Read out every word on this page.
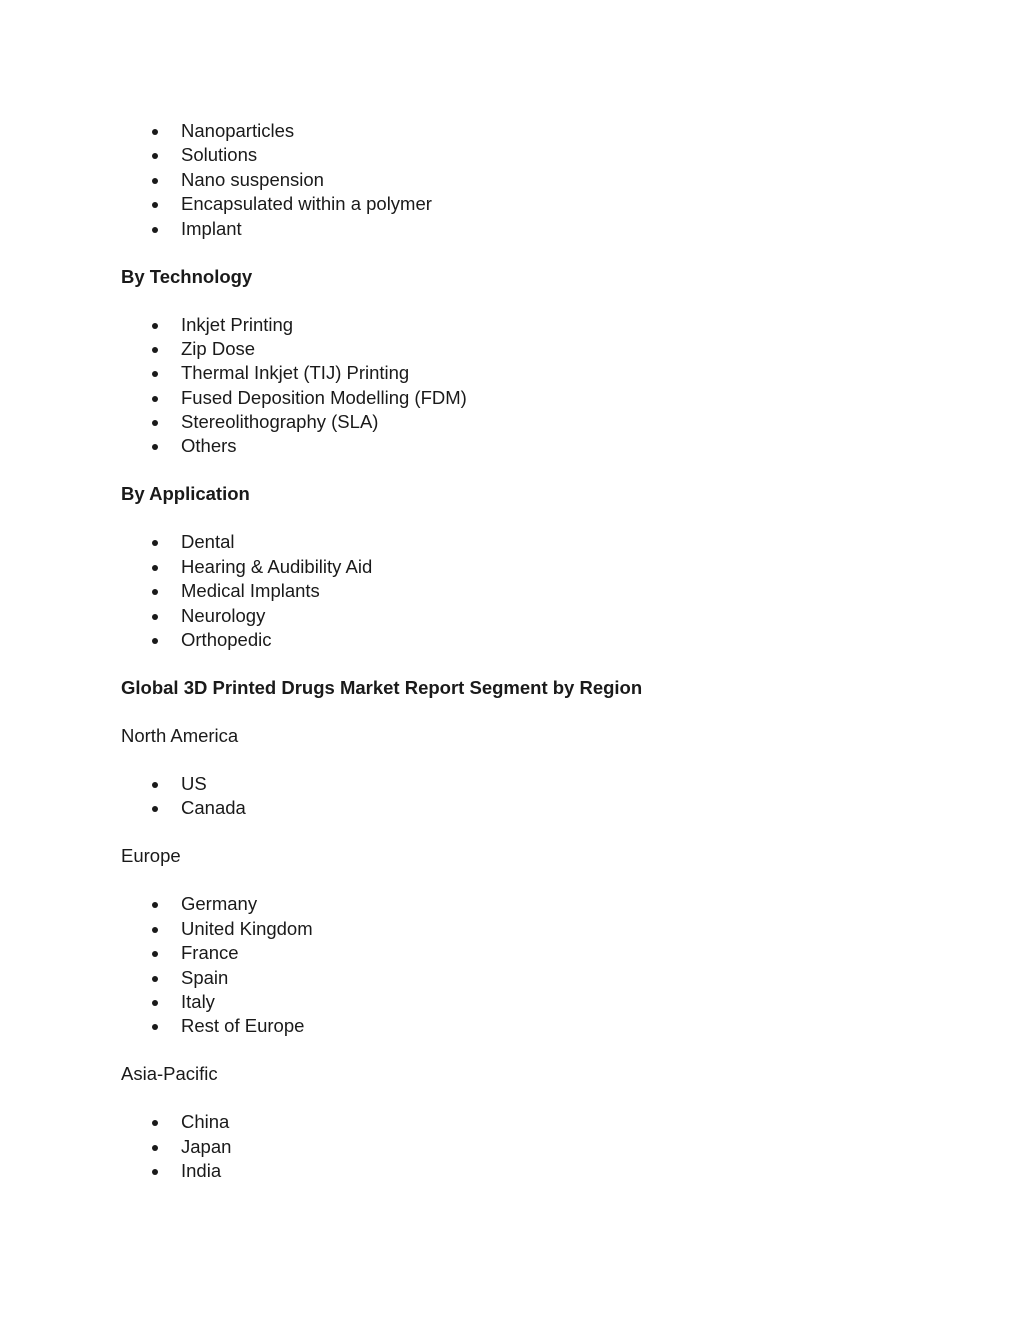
Nanoparticles
Solutions
Nano suspension
Encapsulated within a polymer
Implant
By Technology
Inkjet Printing
Zip Dose
Thermal Inkjet (TIJ) Printing
Fused Deposition Modelling (FDM)
Stereolithography (SLA)
Others
By Application
Dental
Hearing & Audibility Aid
Medical Implants
Neurology
Orthopedic
Global 3D Printed Drugs Market Report Segment by Region
North America
US
Canada
Europe
Germany
United Kingdom
France
Spain
Italy
Rest of Europe
Asia-Pacific
China
Japan
India
